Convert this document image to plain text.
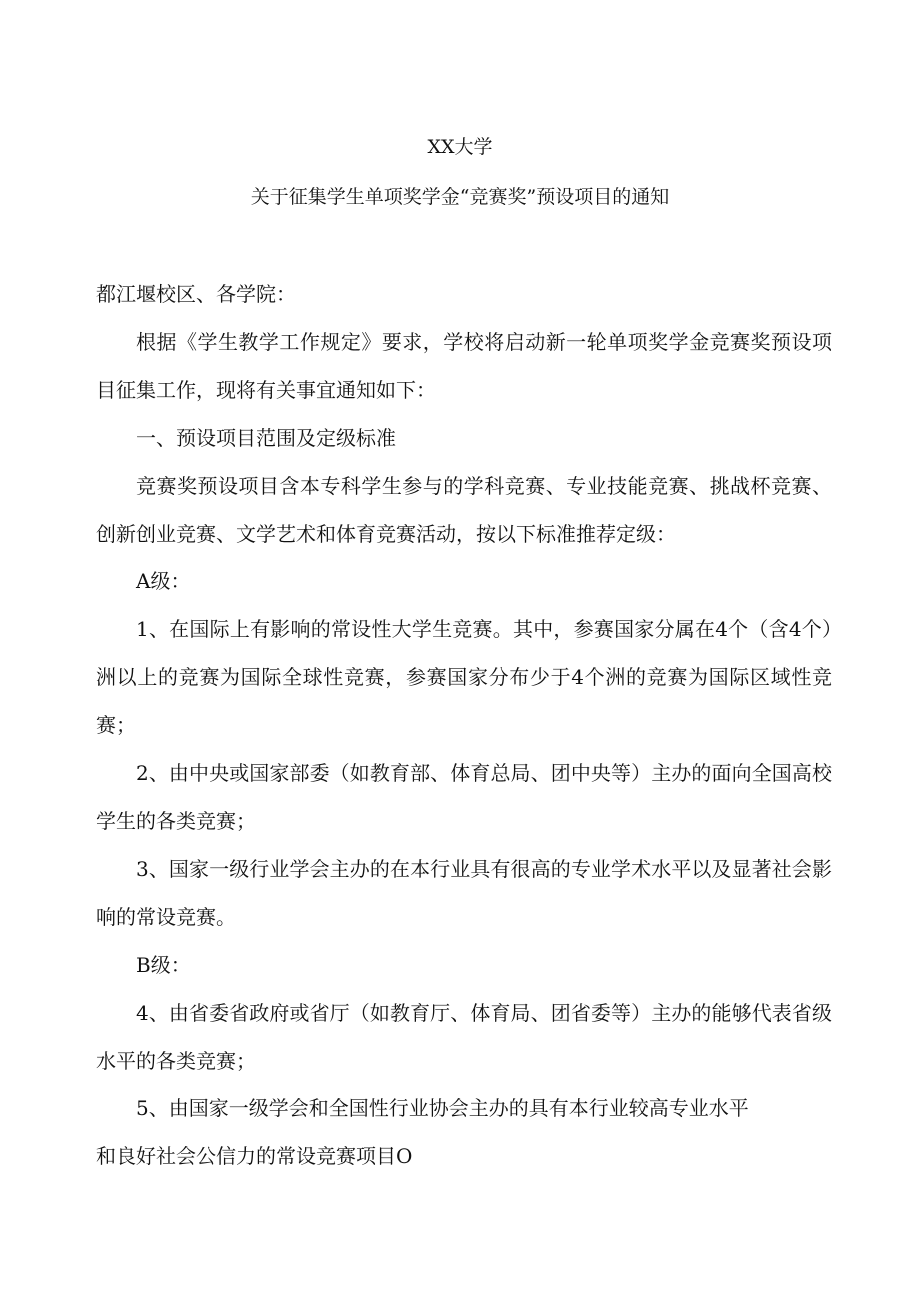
XX大学
关于征集学生单项奖学金“竞赛奖”预设项目的通知

都江堰校区、各学院：

根据《学生教学工作规定》要求，学校将启动新一轮单项奖学金竞赛奖预设项目征集工作，现将有关事宜通知如下：

一、预设项目范围及定级标准

竞赛奖预设项目含本专科学生参与的学科竞赛、专业技能竞赛、挑战杯竞赛、创新创业竞赛、文学艺术和体育竞赛活动，按以下标准推荐定级：

A级：

1、在国际上有影响的常设性大学生竞赛。其中，参赛国家分属在4个（含4个）洲以上的竞赛为国际全球性竞赛，参赛国家分布少于4个洲的竞赛为国际区域性竞赛；

2、由中央或国家部委（如教育部、体育总局、团中央等）主办的面向全国高校学生的各类竞赛；

3、国家一级行业学会主办的在本行业具有很高的专业学术水平以及显著社会影响的常设竞赛。

B级：

4、由省委省政府或省厅（如教育厅、体育局、团省委等）主办的能够代表省级水平的各类竞赛；

5、由国家一级学会和全国性行业协会主办的具有本行业较高专业水平

和良好社会公信力的常设竞赛项目O
